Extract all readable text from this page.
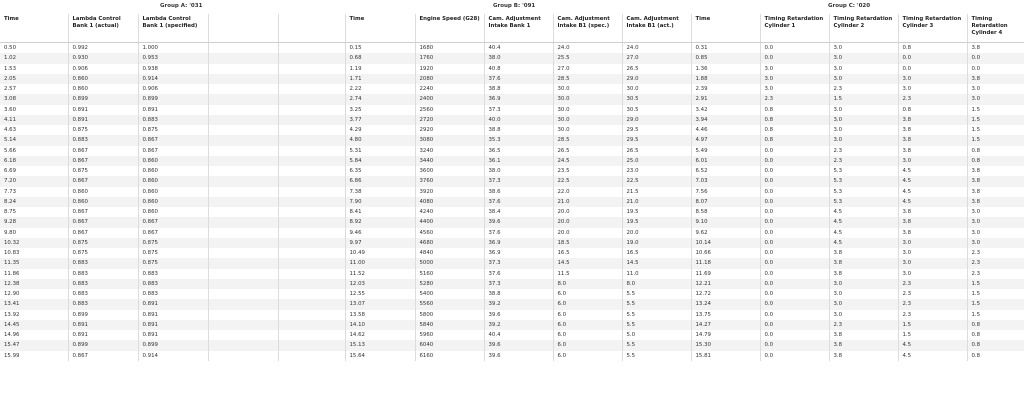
Group A: '031	Group B: '091	Group C: '020
Time	Lambda Control Bank 1 (actual)	Lambda Control Bank 1 (specified)			Time	Engine Speed (G28)	Cam. Adjustment Intake Bank 1	Cam. Adjustment Intake B1 (spec.)	Cam. Adjustment Intake B1 (act.)	Time	Timing Retardation Cylinder 1	Timing Retardation Cylinder 2	Timing Retardation Cylinder 3	Timing Retardation Cylinder 4
0.50	0.992	1.000			0.15	1680	40.4	24.0	24.0	0.31	0.0	3.0	0.8	3.8
1.02	0.930	0.953			0.68	1760	38.0	25.5	27.0	0.85	0.0	3.0	0.0	0.0
1.53	0.906	0.938			1.19	1920	40.8	27.0	26.5	1.36	3.0	3.0	0.0	0.0
2.05	0.860	0.914			1.71	2080	37.6	28.5	29.0	1.88	3.0	3.0	3.0	3.8
2.57	0.860	0.906			2.22	2240	38.8	30.0	30.0	2.39	3.0	2.3	3.0	3.0
3.08	0.899	0.899			2.74	2400	36.9	30.0	30.5	2.91	2.3	1.5	2.3	3.0
3.60	0.891	0.891			3.25	2560	37.3	30.0	30.5	3.42	0.8	3.0	0.8	1.5
4.11	0.891	0.883			3.77	2720	40.0	30.0	29.0	3.94	0.8	3.0	3.8	1.5
4.63	0.875	0.875			4.29	2920	38.8	30.0	29.5	4.46	0.8	3.0	3.8	1.5
5.14	0.883	0.867			4.80	3080	35.3	28.5	29.5	4.97	0.8	3.0	3.8	1.5
5.66	0.867	0.867			5.31	3240	36.5	26.5	26.5	5.49	0.0	2.3	3.8	0.8
6.18	0.867	0.860			5.84	3440	36.1	24.5	25.0	6.01	0.0	2.3	3.0	0.8
6.69	0.875	0.860			6.35	3600	38.0	23.5	23.0	6.52	0.0	5.3	4.5	3.8
7.20	0.867	0.860			6.86	3760	37.3	22.5	22.5	7.03	0.0	5.3	4.5	3.8
7.73	0.860	0.860			7.38	3920	38.6	22.0	21.5	7.56	0.0	5.3	4.5	3.8
8.24	0.860	0.860			7.90	4080	37.6	21.0	21.0	8.07	0.0	5.3	4.5	3.8
8.75	0.867	0.860			8.41	4240	38.4	20.0	19.5	8.58	0.0	4.5	3.8	3.0
9.28	0.867	0.867			8.92	4400	39.6	20.0	19.5	9.10	0.0	4.5	3.8	3.0
9.80	0.867	0.867			9.46	4560	37.6	20.0	20.0	9.62	0.0	4.5	3.8	3.0
10.32	0.875	0.875			9.97	4680	36.9	18.5	19.0	10.14	0.0	4.5	3.0	3.0
10.83	0.875	0.875			10.49	4840	36.9	16.5	16.5	10.66	0.0	3.8	3.0	2.3
11.35	0.883	0.875			11.00	5000	37.3	14.5	14.5	11.18	0.0	3.8	3.0	2.3
11.86	0.883	0.883			11.52	5160	37.6	11.5	11.0	11.69	0.0	3.8	3.0	2.3
12.38	0.883	0.883			12.03	5280	37.3	8.0	8.0	12.21	0.0	3.0	2.3	1.5
12.90	0.883	0.883			12.55	5400	38.8	6.0	5.5	12.72	0.0	3.0	2.3	1.5
13.41	0.883	0.891			13.07	5560	39.2	6.0	5.5	13.24	0.0	3.0	2.3	1.5
13.92	0.899	0.891			13.58	5800	39.6	6.0	5.5	13.75	0.0	3.0	2.3	1.5
14.45	0.891	0.891			14.10	5840	39.2	6.0	5.5	14.27	0.0	2.3	1.5	0.8
14.96	0.891	0.891			14.62	5960	40.4	6.0	5.0	14.79	0.0	3.8	1.5	0.8
15.47	0.899	0.899			15.13	6040	39.6	6.0	5.5	15.30	0.0	3.8	4.5	0.8
15.99	0.867	0.914			15.64	6160	39.6	6.0	5.5	15.81	0.0	3.8	4.5	0.8
